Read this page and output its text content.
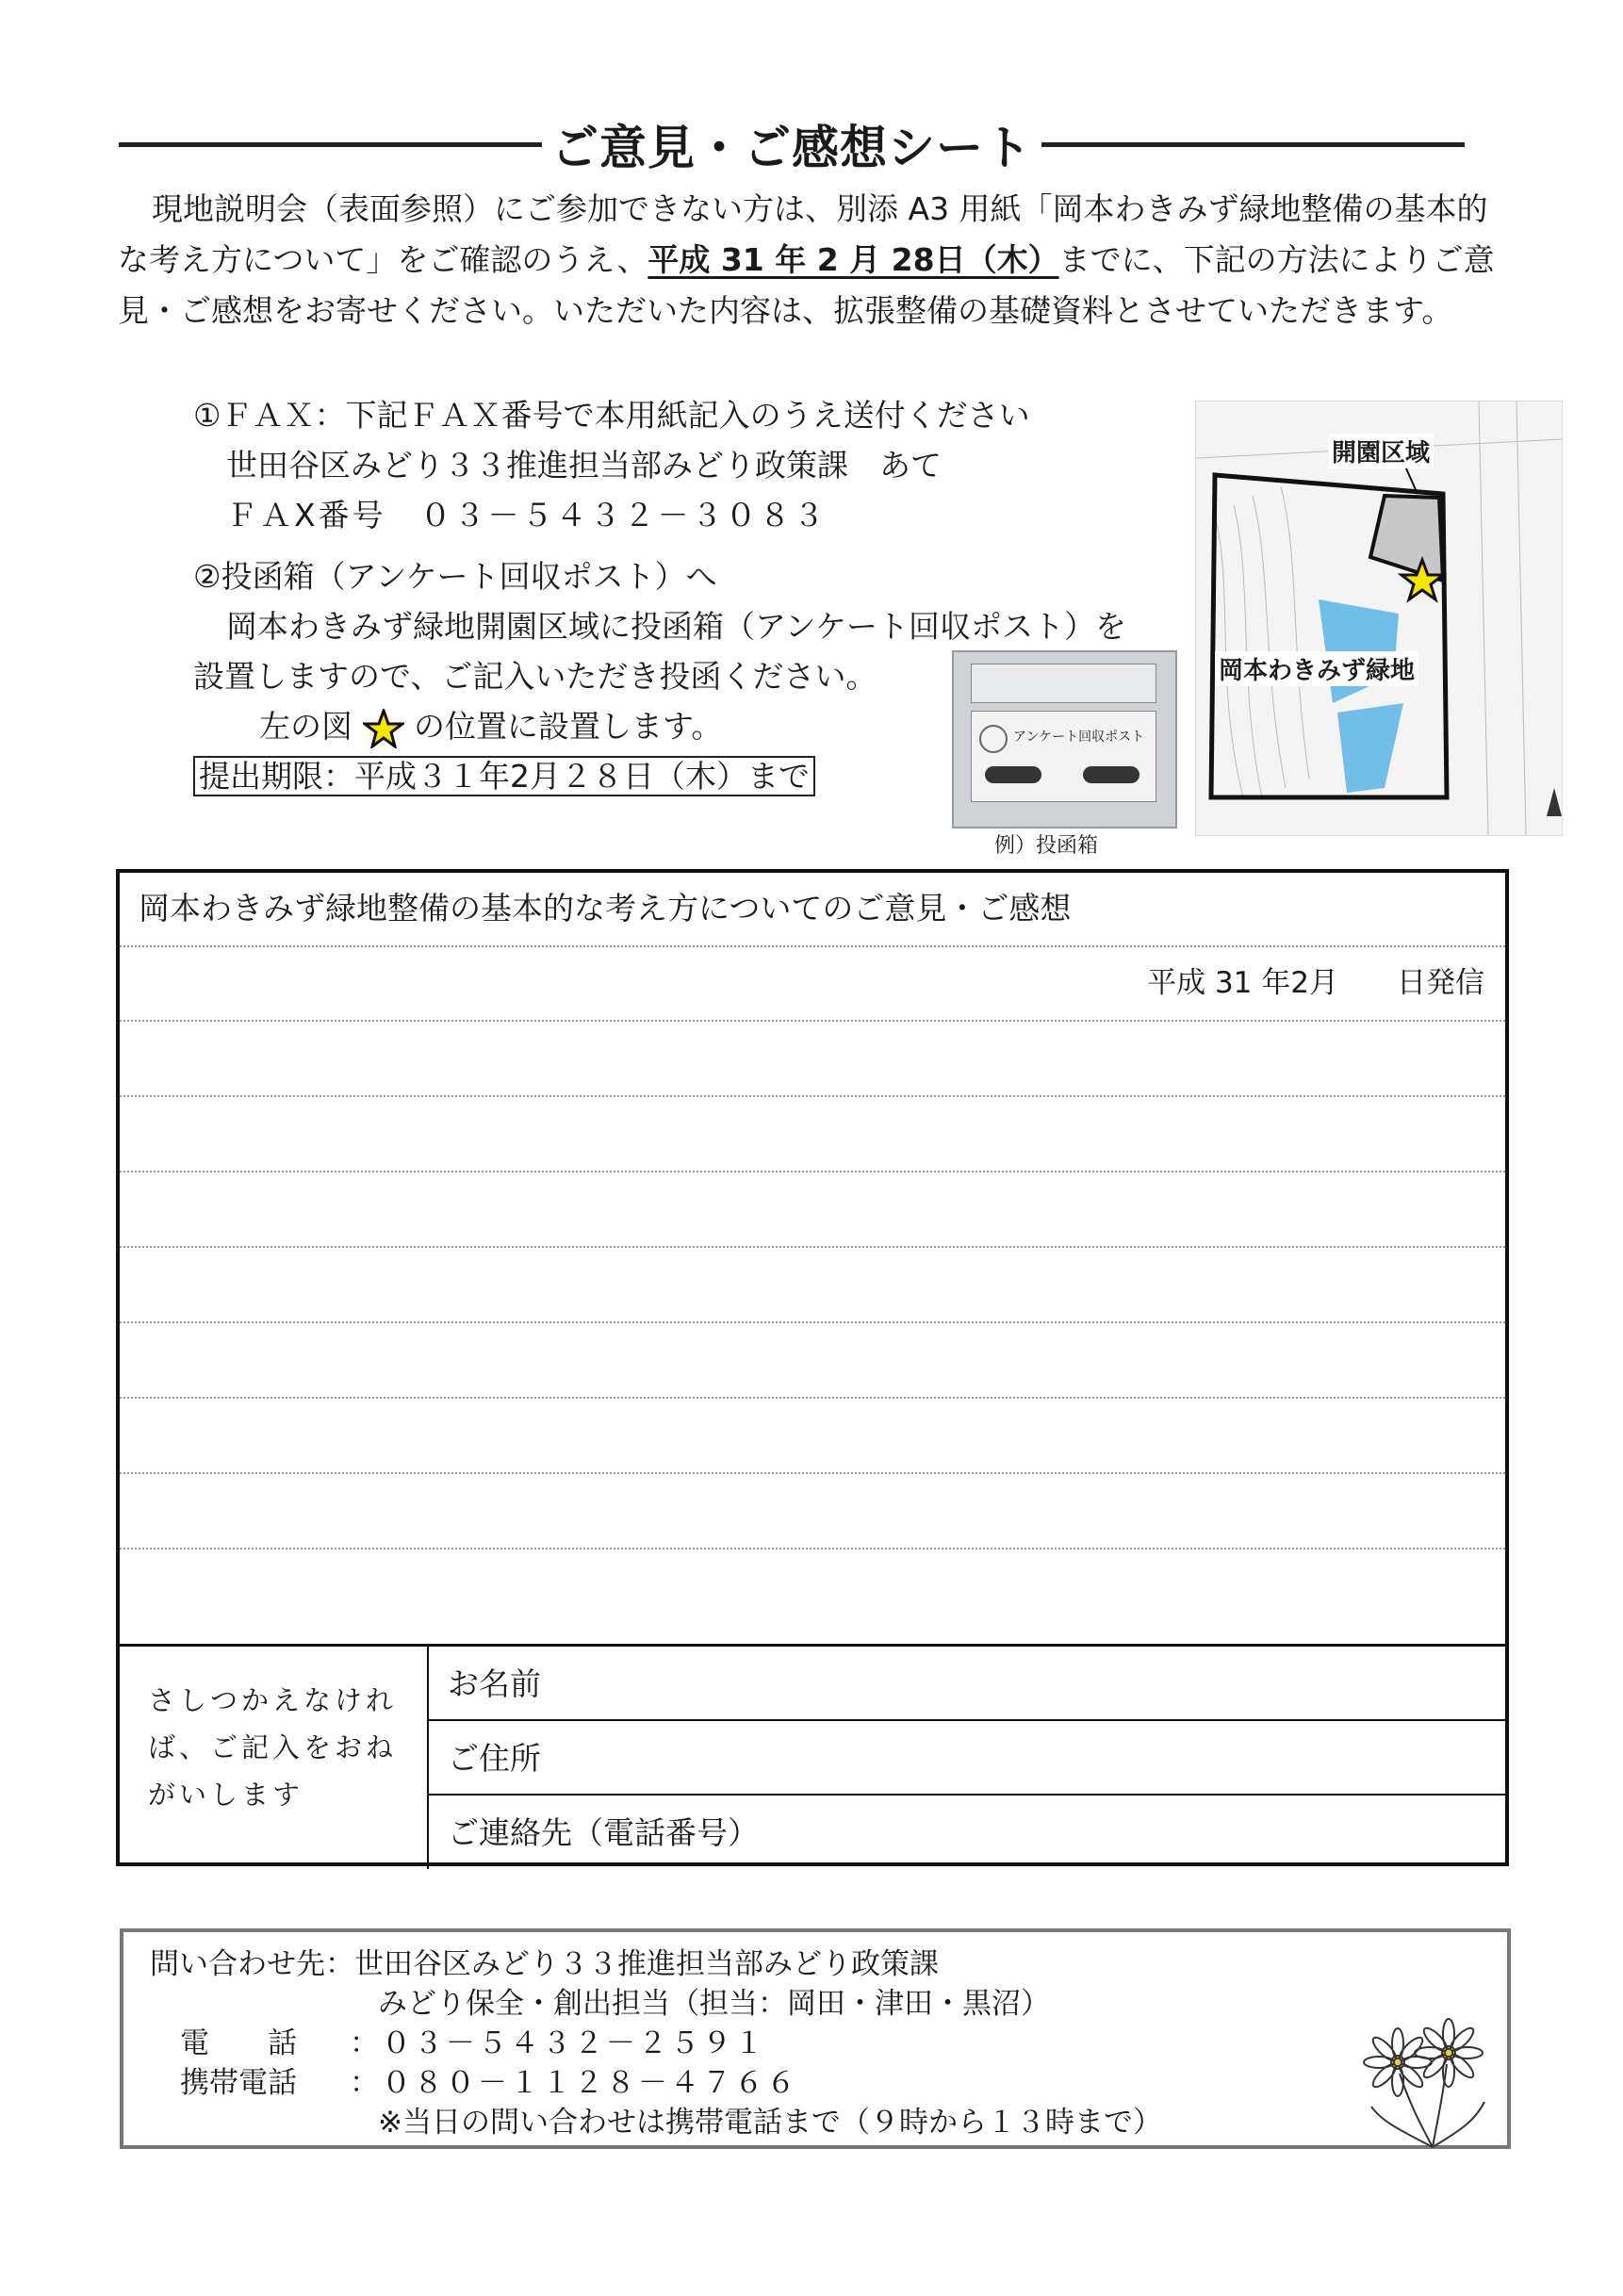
ご意見・ご感想シート
現地説明会（表面参照）にご参加できない方は、別添 A3 用紙「岡本わきみず緑地整備の基本的な考え方について」をご確認のうえ、平成 31 年 2 月 28日（木）までに、下記の方法によりご意見・ご感想をお寄せください。いただいた内容は、拡張整備の基礎資料とさせていただきます。
①ＦＡＸ：下記ＦＡＸ番号で本用紙記入のうえ送付ください
世田谷区みどり３３推進担当部みどり政策課　あて
ＦＡX番号　０３－５４３２－３０８３
②投函箱（アンケート回収ポスト）へ
岡本わきみず緑地開園区域に投函箱（アンケート回収ポスト）を
設置しますので、ご記入いただき投函ください。
左の図 の位置に設置します。
提出期限：平成３１年2月２８日（木）まで
開園区域
岡本わきみず緑地
アンケート回収ポスト
例）投函箱
岡本わきみず緑地整備の基本的な考え方についてのご意見・ご感想
平成 31 年2月　　日発信
さしつかえなければ、ご記入をおねがいします
お名前
ご住所
ご連絡先（電話番号）
問い合わせ先：世田谷区みどり３３推進担当部みどり政策課
みどり保全・創出担当（担当：岡田・津田・黒沼）
電　　話 ：０３－５４３２－２５９１
携帯電話 ：０８０－１１２８－４７６６
※当日の問い合わせは携帯電話まで（９時から１３時まで）
